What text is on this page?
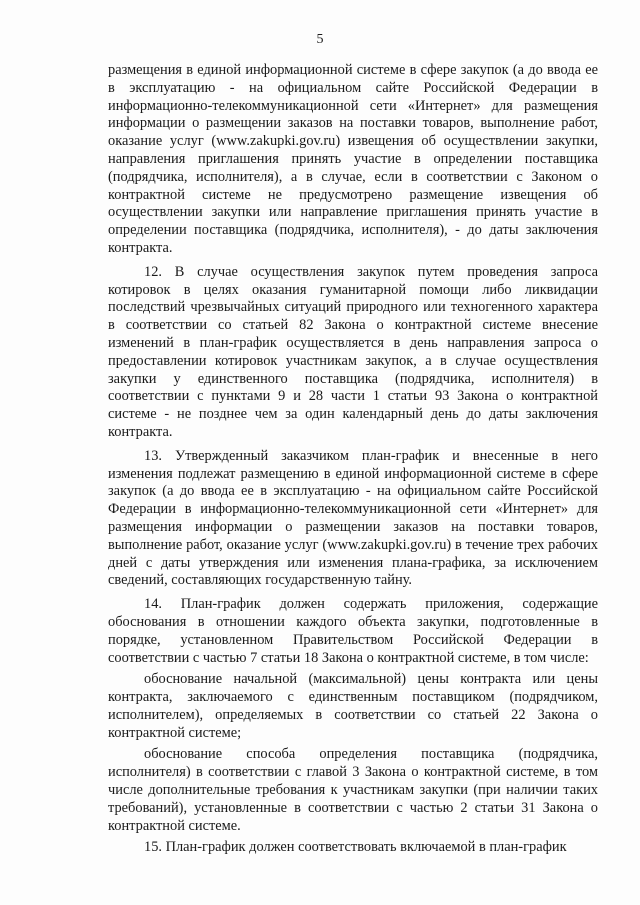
5

размещения в единой информационной системе в сфере закупок (а до ввода ее в эксплуатацию - на официальном сайте Российской Федерации в информационно-телекоммуникационной сети «Интернет» для размещения информации о размещении заказов на поставки товаров, выполнение работ, оказание услуг (www.zakupki.gov.ru) извещения об осуществлении закупки, направления приглашения принять участие в определении поставщика (подрядчика, исполнителя), а в случае, если в соответствии с Законом о контрактной системе не предусмотрено размещение извещения об осуществлении закупки или направление приглашения принять участие в определении поставщика (подрядчика, исполнителя), - до даты заключения контракта.

12. В случае осуществления закупок путем проведения запроса котировок в целях оказания гуманитарной помощи либо ликвидации последствий чрезвычайных ситуаций природного или техногенного характера в соответствии со статьей 82 Закона о контрактной системе внесение изменений в план-график осуществляется в день направления запроса о предоставлении котировок участникам закупок, а в случае осуществления закупки у единственного поставщика (подрядчика, исполнителя) в соответствии с пунктами 9 и 28 части 1 статьи 93 Закона о контрактной системе - не позднее чем за один календарный день до даты заключения контракта.

13. Утвержденный заказчиком план-график и внесенные в него изменения подлежат размещению в единой информационной системе в сфере закупок (а до ввода ее в эксплуатацию - на официальном сайте Российской Федерации в информационно-телекоммуникационной сети «Интернет» для размещения информации о размещении заказов на поставки товаров, выполнение работ, оказание услуг (www.zakupki.gov.ru) в течение трех рабочих дней с даты утверждения или изменения плана-графика, за исключением сведений, составляющих государственную тайну.

14. План-график должен содержать приложения, содержащие обоснования в отношении каждого объекта закупки, подготовленные в порядке, установленном Правительством Российской Федерации в соответствии с частью 7 статьи 18 Закона о контрактной системе, в том числе:

обоснование начальной (максимальной) цены контракта или цены контракта, заключаемого с единственным поставщиком (подрядчиком, исполнителем), определяемых в соответствии со статьей 22 Закона о контрактной системе;

обоснование способа определения поставщика (подрядчика, исполнителя) в соответствии с главой 3 Закона о контрактной системе, в том числе дополнительные требования к участникам закупки (при наличии таких требований), установленные в соответствии с частью 2 статьи 31 Закона о контрактной системе.

15. План-график должен соответствовать включаемой в план-график
